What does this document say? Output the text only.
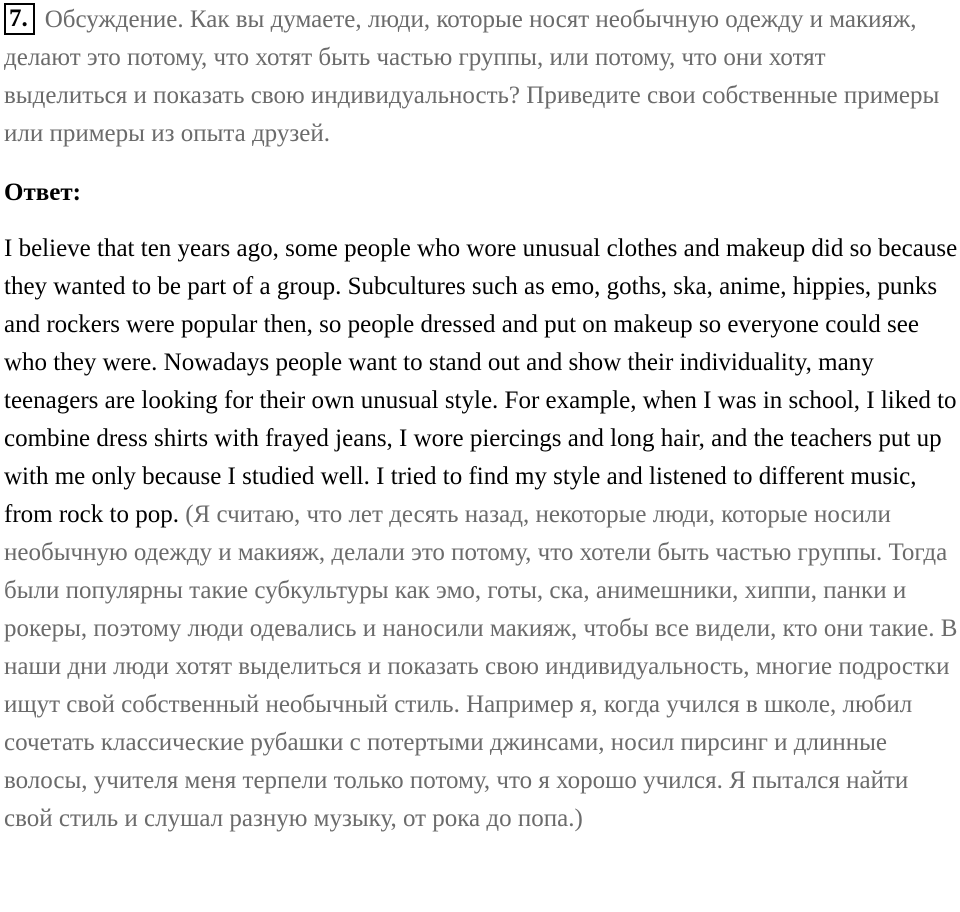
7. Обсуждение. Как вы думаете, люди, которые носят необычную одежду и макияж, делают это потому, что хотят быть частью группы, или потому, что они хотят выделиться и показать свою индивидуальность? Приведите свои собственные примеры или примеры из опыта друзей.

Ответ:

I believe that ten years ago, some people who wore unusual clothes and makeup did so because they wanted to be part of a group. Subcultures such as emo, goths, ska, anime, hippies, punks and rockers were popular then, so people dressed and put on makeup so everyone could see who they were. Nowadays people want to stand out and show their individuality, many teenagers are looking for their own unusual style. For example, when I was in school, I liked to combine dress shirts with frayed jeans, I wore piercings and long hair, and the teachers put up with me only because I studied well. I tried to find my style and listened to different music, from rock to pop. (Я считаю, что лет десять назад, некоторые люди, которые носили необычную одежду и макияж, делали это потому, что хотели быть частью группы. Тогда были популярны такие субкультуры как эмо, готы, ска, анимешники, хиппи, панки и рокеры, поэтому люди одевались и наносили макияж, чтобы все видели, кто они такие. В наши дни люди хотят выделиться и показать свою индивидуальность, многие подростки ищут свой собственный необычный стиль. Например я, когда учился в школе, любил сочетать классические рубашки с потертыми джинсами, носил пирсинг и длинные волосы, учителя меня терпели только потому, что я хорошо учился. Я пытался найти свой стиль и слушал разную музыку, от рока до попа.)
